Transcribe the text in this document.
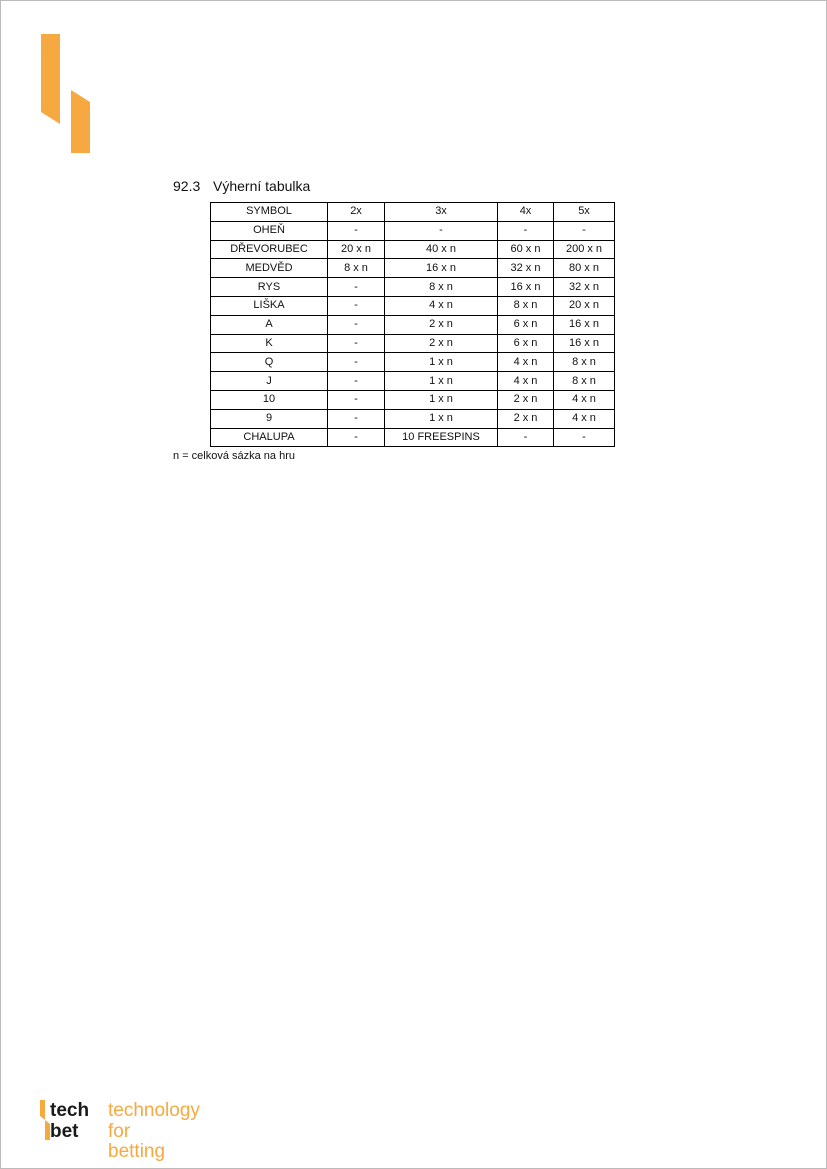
92.3 Výherní tabulka
SYMBOL	2x	3x	4x	5x
OHEŇ	-	-	-	-
DŘEVORUBEC	20 x n	40 x n	60 x n	200 x n
MEDVĚD	8 x n	16 x n	32 x n	80 x n
RYS	-	8 x n	16 x n	32 x n
LIŠKA	-	4 x n	8 x n	20 x n
A	-	2 x n	6 x n	16 x n
K	-	2 x n	6 x n	16 x n
Q	-	1 x n	4 x n	8 x n
J	-	1 x n	4 x n	8 x n
10	-	1 x n	2 x n	4 x n
9	-	1 x n	2 x n	4 x n
CHALUPA	-	10 FREESPINS	-	-
n = celková sázka na hru
tech technology
bet for betting
